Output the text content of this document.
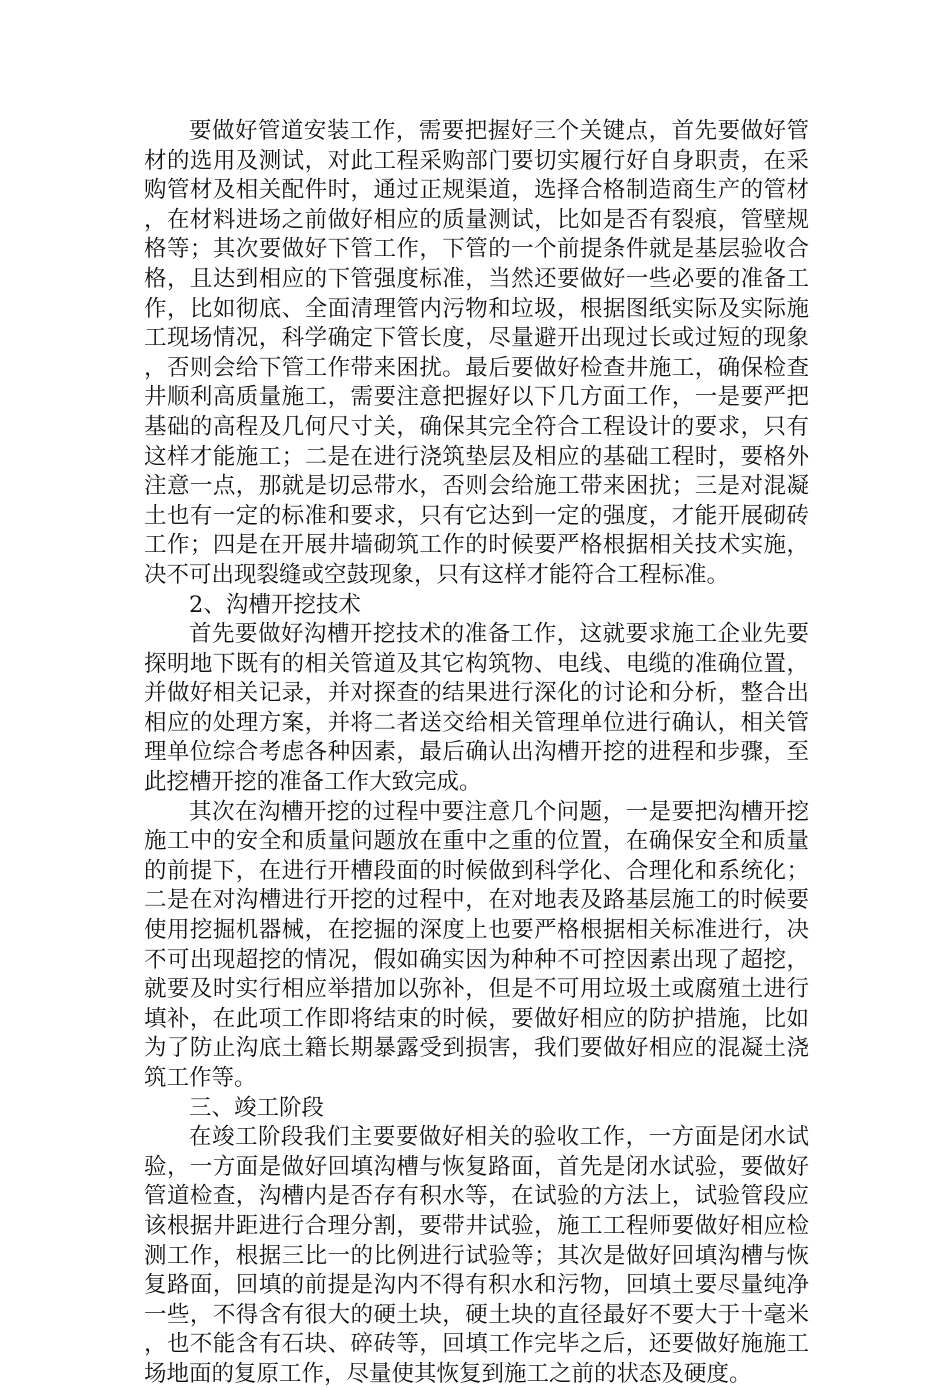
要做好管道安装工作，需要把握好三个关键点，首先要做好管材的选用及测试，对此工程采购部门要切实履行好自身职责，在采购管材及相关配件时，通过正规渠道，选择合格制造商生产的管材，在材料进场之前做好相应的质量测试，比如是否有裂痕，管壁规格等；其次要做好下管工作，下管的一个前提条件就是基层验收合格，且达到相应的下管强度标准，当然还要做好一些必要的准备工作，比如彻底、全面清理管内污物和垃圾，根据图纸实际及实际施工现场情况，科学确定下管长度，尽量避开出现过长或过短的现象，否则会给下管工作带来困扰。最后要做好检查井施工，确保检查井顺利高质量施工，需要注意把握好以下几方面工作，一是要严把基础的高程及几何尺寸关，确保其完全符合工程设计的要求，只有这样才能施工；二是在进行浇筑垫层及相应的基础工程时，要格外注意一点，那就是切忌带水，否则会给施工带来困扰；三是对混凝土也有一定的标准和要求，只有它达到一定的强度，才能开展砌砖工作；四是在开展井墙砌筑工作的时候要严格根据相关技术实施，决不可出现裂缝或空鼓现象，只有这样才能符合工程标准。

2、沟槽开挖技术

首先要做好沟槽开挖技术的准备工作，这就要求施工企业先要探明地下既有的相关管道及其它构筑物、电线、电缆的准确位置，并做好相关记录，并对探查的结果进行深化的讨论和分析，整合出相应的处理方案，并将二者送交给相关管理单位进行确认，相关管理单位综合考虑各种因素，最后确认出沟槽开挖的进程和步骤，至此挖槽开挖的准备工作大致完成。

其次在沟槽开挖的过程中要注意几个问题，一是要把沟槽开挖施工中的安全和质量问题放在重中之重的位置，在确保安全和质量的前提下，在进行开槽段面的时候做到科学化、合理化和系统化；二是在对沟槽进行开挖的过程中，在对地表及路基层施工的时候要使用挖掘机器械，在挖掘的深度上也要严格根据相关标准进行，决不可出现超挖的情况，假如确实因为种种不可控因素出现了超挖，就要及时实行相应举措加以弥补，但是不可用垃圾土或腐殖土进行填补，在此项工作即将结束的时候，要做好相应的防护措施，比如为了防止沟底土籍长期暴露受到损害，我们要做好相应的混凝土浇筑工作等。

三、竣工阶段

在竣工阶段我们主要要做好相关的验收工作，一方面是闭水试验，一方面是做好回填沟槽与恢复路面，首先是闭水试验，要做好管道检查，沟槽内是否存有积水等，在试验的方法上，试验管段应该根据井距进行合理分割，要带井试验，施工工程师要做好相应检测工作，根据三比一的比例进行试验等；其次是做好回填沟槽与恢复路面，回填的前提是沟内不得有积水和污物，回填土要尽量纯净一些，不得含有很大的硬土块，硬土块的直径最好不要大于十毫米，也不能含有石块、碎砖等，回填工作完毕之后，还要做好施施工场地面的复原工作，尽量使其恢复到施工之前的状态及硬度。
